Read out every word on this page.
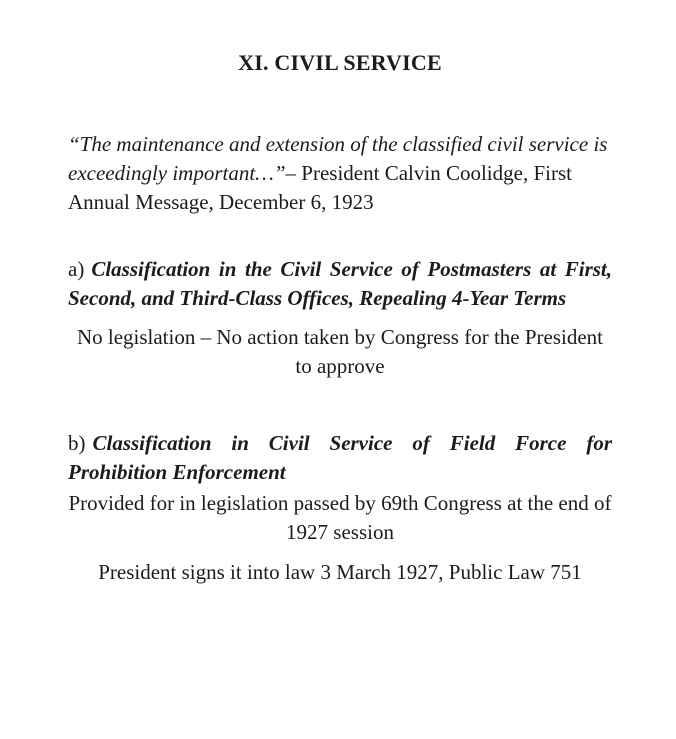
XI. CIVIL SERVICE

“The maintenance and extension of the classified civil service is exceedingly important…”– President Calvin Coolidge, First Annual Message, December 6, 1923

a) Classification in the Civil Service of Postmasters at First, Second, and Third-Class Offices, Repealing 4-Year Terms

No legislation – No action taken by Congress for the President to approve

b) Classification in Civil Service of Field Force for Prohibition Enforcement

Provided for in legislation passed by 69th Congress at the end of 1927 session

President signs it into law 3 March 1927, Public Law 751
